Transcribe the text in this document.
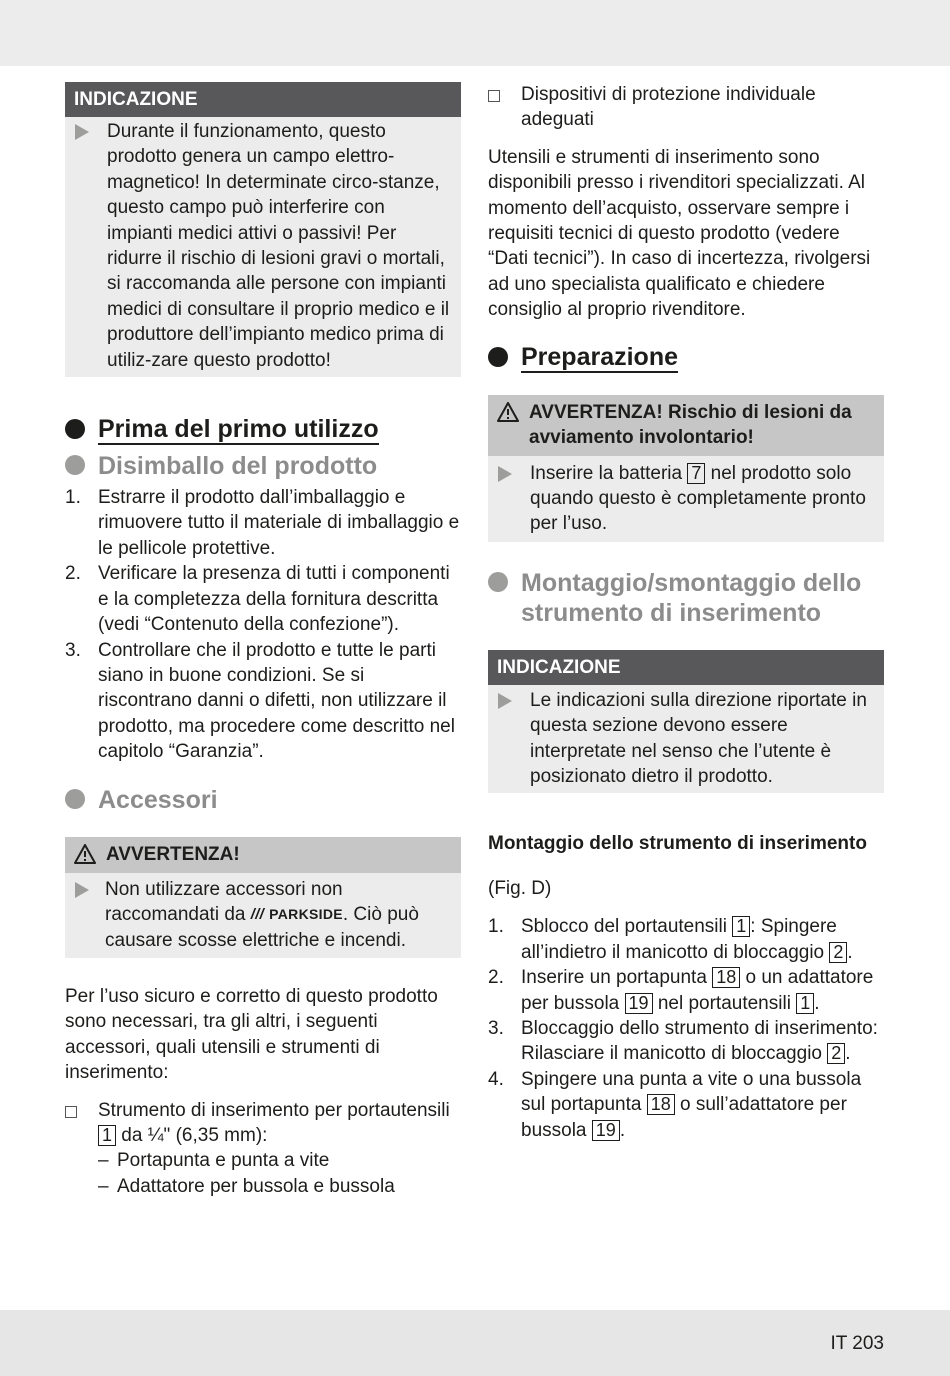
INDICAZIONE
Durante il funzionamento, questo prodotto genera un campo elettro-magnetico! In determinate circo-stanze, questo campo può interferire con impianti medici attivi o passivi! Per ridurre il rischio di lesioni gravi o mortali, si raccomanda alle persone con impianti medici di consultare il proprio medico e il produttore dell’impianto medico prima di utiliz-zare questo prodotto!
Prima del primo utilizzo
Disimballo del prodotto
1. Estrarre il prodotto dall’imballaggio e rimuovere tutto il materiale di imballaggio e le pellicole protettive.
2. Verificare la presenza di tutti i componenti e la completezza della fornitura descritta (vedi “Contenuto della confezione”).
3. Controllare che il prodotto e tutte le parti siano in buone condizioni. Se si riscontrano danni o difetti, non utilizzare il prodotto, ma procedere come descritto nel capitolo “Garanzia”.
Accessori
AVVERTENZA!
Non utilizzare accessori non raccomandati da /// PARKSIDE . Ciò può causare scosse elettriche e incendi.

Per l’uso sicuro e corretto di questo prodotto sono necessari, tra gli altri, i seguenti accessori, quali utensili e strumenti di inserimento:

Strumento di inserimento per portautensili 1 da ¼" (6,35 mm):
– Portapunta e punta a vite
– Adattatore per bussola e bussola
Dispositivi di protezione individuale adeguati

Utensili e strumenti di inserimento sono disponibili presso i rivenditori specializzati. Al momento dell’acquisto, osservare sempre i requisiti tecnici di questo prodotto (vedere “Dati tecnici”). In caso di incertezza, rivolgersi ad uno specialista qualificato e chiedere consiglio al proprio rivenditore.

Preparazione
AVVERTENZA! Rischio di lesioni da avviamento involontario!
Inserire la batteria 7 nel prodotto solo quando questo è completamente pronto per l’uso.
Montaggio/smontaggio dello strumento di inserimento
INDICAZIONE
Le indicazioni sulla direzione riportate in questa sezione devono essere interpretate nel senso che l’utente è posizionato dietro il prodotto.

Montaggio dello strumento di inserimento

(Fig. D)

1. Sblocco del portautensili 1 : Spingere all’indietro il manicotto di bloccaggio 2 .
2. Inserire un portapunta 18 o un adattatore per bussola 19 nel portautensili 1 .
3. Bloccaggio dello strumento di inserimento: Rilasciare il manicotto di bloccaggio 2 .
4. Spingere una punta a vite o una bussola sul portapunta 18 o sull’adattatore per bussola 19 .
IT 203
